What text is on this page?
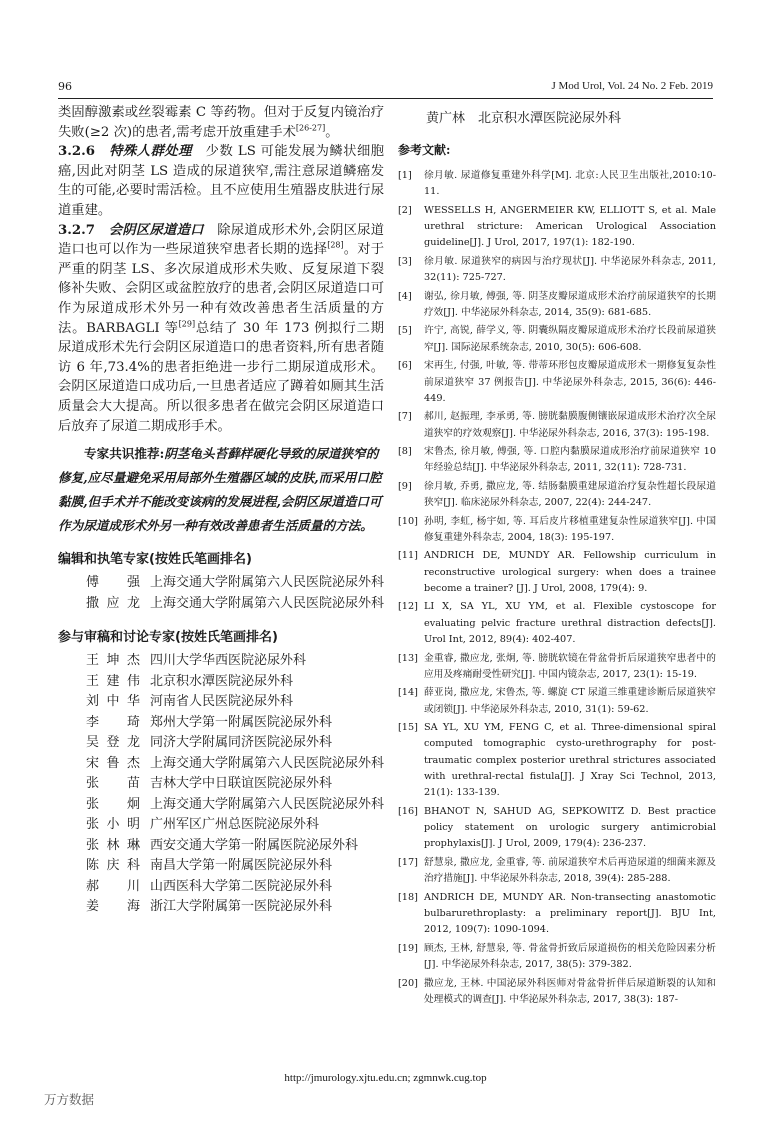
96	J Mod Urol, Vol. 24 No. 2 Feb. 2019

类固醇激素或丝裂霉素 C 等药物。但对于反复内镜治疗失败(≥2 次)的患者,需考虑开放重建手术[26-27]。

3.2.6　 特殊人群处理　 少数 LS 可能发展为鳞状细胞癌,因此对阴茎 LS 造成的尿道狭窄,需注意尿道鳞癌发生的可能,必要时需活检。且不应使用生殖器皮肤进行尿道重建。

3.2.7　 会阴区尿道造口　 除尿道成形术外,会阴区尿道造口也可以作为一些尿道狭窄患者长期的选择[28]。对于严重的阴茎 LS、多次尿道成形术失败、反复尿道下裂修补失败、会阴区或盆腔放疗的患者,会阴区尿道造口可作为尿道成形术外另一种有效改善患者生活质量的方法。BARBAGLI 等[29]总结了 30 年 173 例拟行二期尿道成形术先行会阴区尿道造口的患者资料,所有患者随访 6 年,73.4%的患者拒绝进一步行二期尿道成形术。会阴区尿道造口成功后,一旦患者适应了蹲着如厕其生活质量会大大提高。所以很多患者在做完会阴区尿道造口后放弃了尿道二期成形手术。

专家共识推荐:阴茎龟头苔藓样硬化导致的尿道狭窄的修复,应尽量避免采用局部外生殖器区域的皮肤,而采用口腔黏膜,但手术并不能改变该病的发展进程,会阴区尿道造口可作为尿道成形术外另一种有效改善患者生活质量的方法。

编辑和执笔专家(按姓氏笔画排名)
傅　强 上海交通大学附属第六人民医院泌尿外科
撒应龙 上海交通大学附属第六人民医院泌尿外科
参与审稿和讨论专家(按姓氏笔画排名)
王坤杰 四川大学华西医院泌尿外科
王建伟 北京积水潭医院泌尿外科
刘中华 河南省人民医院泌尿外科
李　琦 郑州大学第一附属医院泌尿外科
吴登龙 同济大学附属同济医院泌尿外科
宋鲁杰 上海交通大学附属第六人民医院泌尿外科
张　苗 吉林大学中日联谊医院泌尿外科
张　炯 上海交通大学附属第六人民医院泌尿外科
张小明 广州军区广州总医院泌尿外科
张林琳 西安交通大学第一附属医院泌尿外科
陈庆科 南昌大学第一附属医院泌尿外科
郝　川 山西医科大学第二医院泌尿外科
姜　海 浙江大学附属第一医院泌尿外科
黄广林　北京积水潭医院泌尿外科
参考文献:
[1]	徐月敏. 尿道修复重建外科学[M]. 北京:人民卫生出版社,2010:10-11.
[2]	WESSELLS H, ANGERMEIER KW, ELLIOTT S, et al. Male urethral stricture: American Urological Association guideline[J]. J Urol, 2017, 197(1): 182-190.
[3]	徐月敏. 尿道狭窄的病因与治疗现状[J]. 中华泌尿外科杂志, 2011, 32(11): 725-727.
[4]	谢弘, 徐月敏, 傅强, 等. 阴茎皮瓣尿道成形术治疗前尿道狭窄的长期疗效[J]. 中华泌尿外科杂志, 2014, 35(9): 681-685.
[5]	许宁, 高锐, 薛学义, 等. 阴囊纵隔皮瓣尿道成形术治疗长段前尿道狭窄[J]. 国际泌尿系统杂志, 2010, 30(5): 606-608.
[6]	宋再生, 付强, 叶敏, 等. 带蒂环形包皮瓣尿道成形术一期修复复杂性前尿道狭窄 37 例报告[J]. 中华泌尿外科杂志, 2015, 36(6): 446-449.
[7]	郝川, 赵振理, 李承勇, 等. 膀胱黏膜腹侧镶嵌尿道成形术治疗次全尿道狭窄的疗效观察[J]. 中华泌尿外科杂志, 2016, 37(3): 195-198.
[8]	宋鲁杰, 徐月敏, 傅强, 等. 口腔内黏膜尿道成形治疗前尿道狭窄 10 年经验总结[J]. 中华泌尿外科杂志, 2011, 32(11): 728-731.
[9]	徐月敏, 乔勇, 撒应龙, 等. 结肠黏膜重建尿道治疗复杂性超长段尿道狭窄[J]. 临床泌尿外科杂志, 2007, 22(4): 244-247.
[10] 孙明, 李虹, 杨宇如, 等. 耳后皮片移植重建复杂性尿道狭窄[J]. 中国修复重建外科杂志, 2004, 18(3): 195-197.
[11] ANDRICH DE, MUNDY AR. Fellowship curriculum in reconstructive urological surgery: when does a trainee become a trainer? [J]. J Urol, 2008, 179(4): 9.
[12] LI X, SA YL, XU YM, et al. Flexible cystoscope for evaluating pelvic fracture urethral distraction defects[J]. Urol Int, 2012, 89(4): 402-407.
[13] 金重睿, 撒应龙, 张炯, 等. 膀胱软镜在骨盆骨折后尿道狭窄患者中的应用及疼痛耐受性研究[J]. 中国内镜杂志, 2017, 23(1): 15-19.
[14] 薛亚岗, 撒应龙, 宋鲁杰, 等. 螺旋 CT 尿道三维重建诊断后尿道狭窄或闭锁[J]. 中华泌尿外科杂志, 2010, 31(1): 59-62.
[15] SA YL, XU YM, FENG C, et al. Three-dimensional spiral computed tomographic cysto-urethrography for post-traumatic complex posterior urethral strictures associated with urethral-rectal fistula[J]. J Xray Sci Technol, 2013, 21(1): 133-139.
[16] BHANOT N, SAHUD AG, SEPKOWITZ D. Best practice policy statement on urologic surgery antimicrobial prophylaxis[J]. J Urol, 2009, 179(4): 236-237.
[17] 舒慧泉, 撒应龙, 金重睿, 等. 前尿道狭窄术后再造尿道的细菌来源及治疗措施[J]. 中华泌尿外科杂志, 2018, 39(4): 285-288.
[18] ANDRICH DE, MUNDY AR. Non-transecting anastomotic bulbarurethroplasty: a preliminary report[J]. BJU Int, 2012, 109(7): 1090-1094.
[19] 顾杰, 王林, 舒慧泉, 等. 骨盆骨折致后尿道损伤的相关危险因素分析[J]. 中华泌尿外科杂志, 2017, 38(5): 379-382.
[20] 撒应龙, 王林. 中国泌尿外科医师对骨盆骨折伴后尿道断裂的认知和处理模式的调查[J]. 中华泌尿外科杂志, 2017, 38(3): 187-
http://jmurology.xjtu.edu.cn; zgmnwk.cug.top
万方数据
